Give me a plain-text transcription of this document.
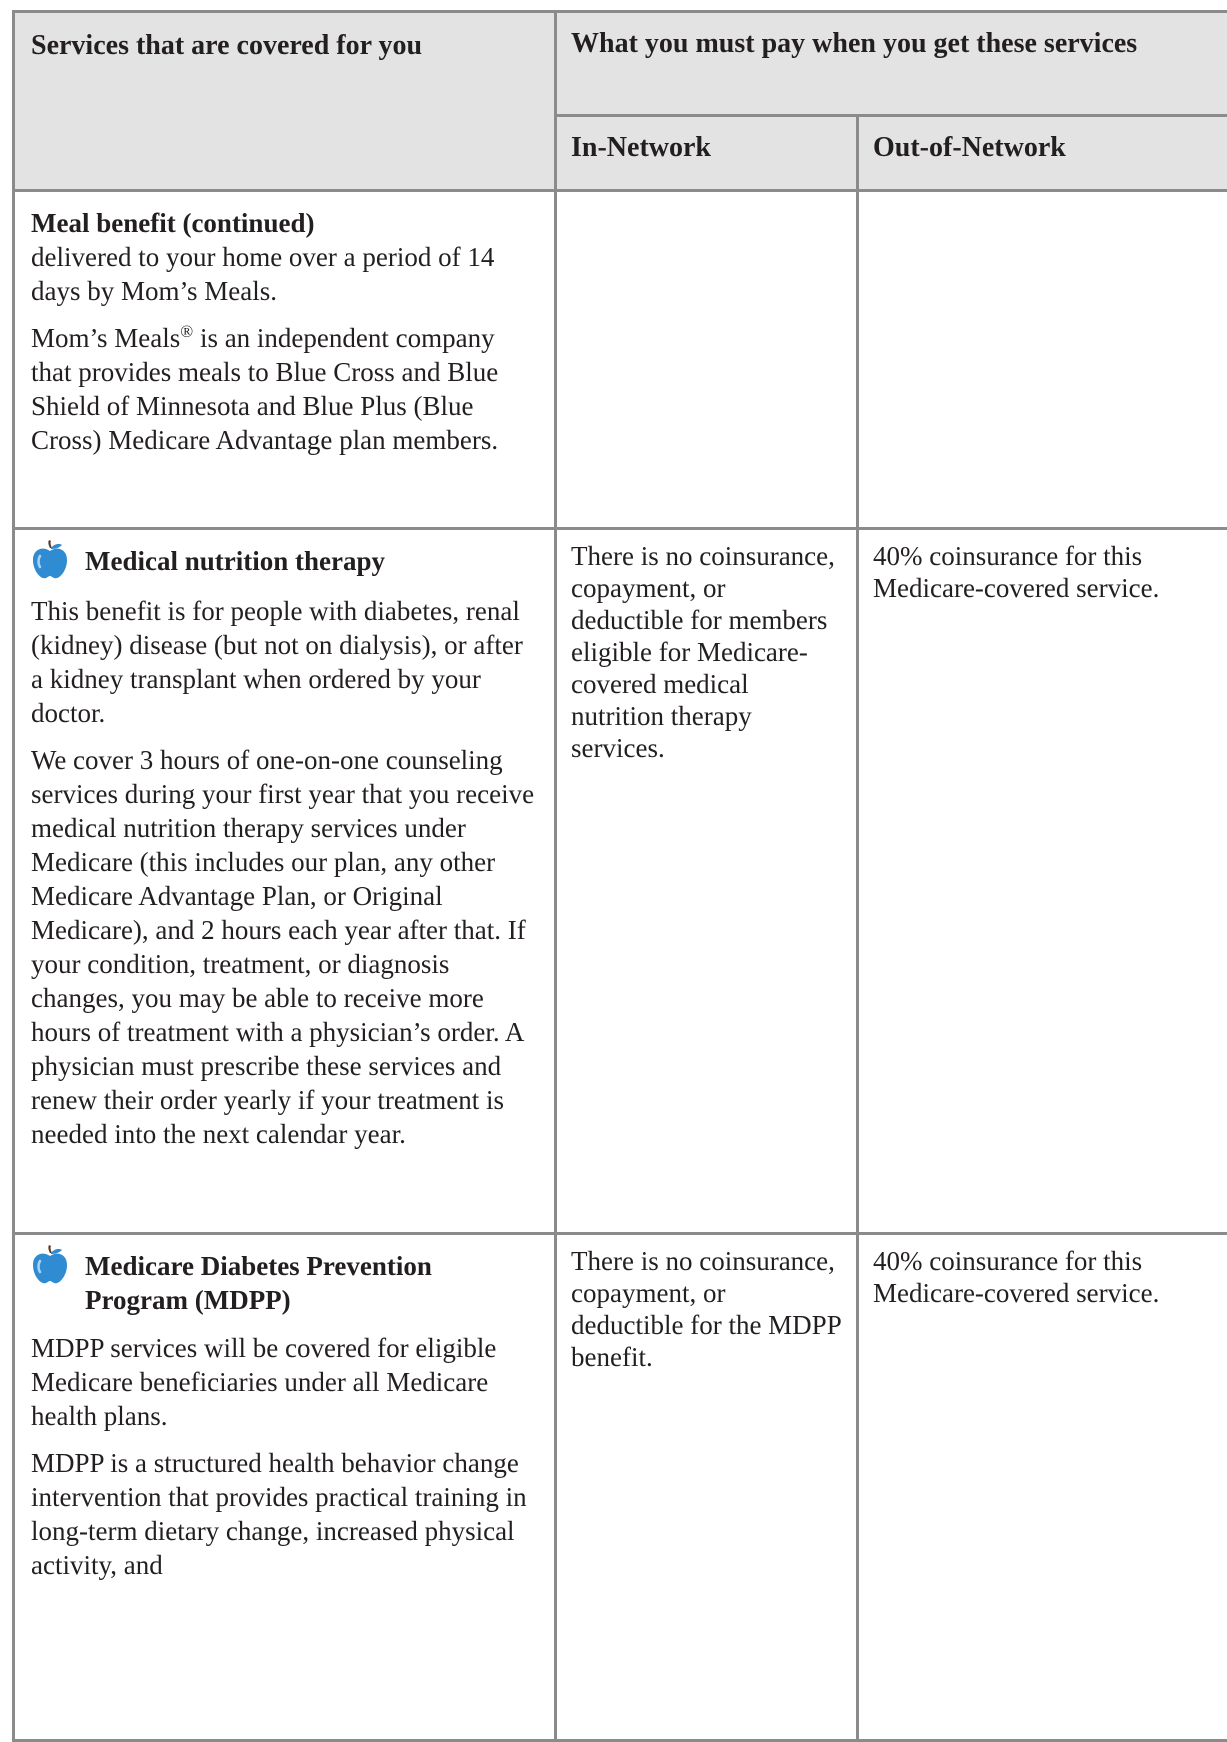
Services that are covered for you	What you must pay when you get these services	
	In-Network	Out-of-Network

Meal benefit (continued)

delivered to your home over a period of 14 days by Mom’s Meals.

Mom’s Meals® is an independent company that provides meals to Blue Cross and Blue Shield of Minnesota and Blue Plus (Blue Cross) Medicare Advantage plan members.		

Medical nutrition therapy

This benefit is for people with diabetes, renal (kidney) disease (but not on dialysis), or after a kidney transplant when ordered by your doctor.

We cover 3 hours of one-on-one counseling services during your first year that you receive medical nutrition therapy services under Medicare (this includes our plan, any other Medicare Advantage Plan, or Original Medicare), and 2 hours each year after that. If your condition, treatment, or diagnosis changes, you may be able to receive more hours of treatment with a physician’s order. A physician must prescribe these services and renew their order yearly if your treatment is needed into the next calendar year.	There is no coinsurance, copayment, or deductible for members eligible for Medicare-covered medical nutrition therapy services.	40% coinsurance for this Medicare-covered service.

Medicare Diabetes Prevention Program (MDPP)

MDPP services will be covered for eligible Medicare beneficiaries under all Medicare health plans.

MDPP is a structured health behavior change intervention that provides practical training in long-term dietary change, increased physical activity, and	There is no coinsurance, copayment, or deductible for the MDPP benefit.	40% coinsurance for this Medicare-covered service.
